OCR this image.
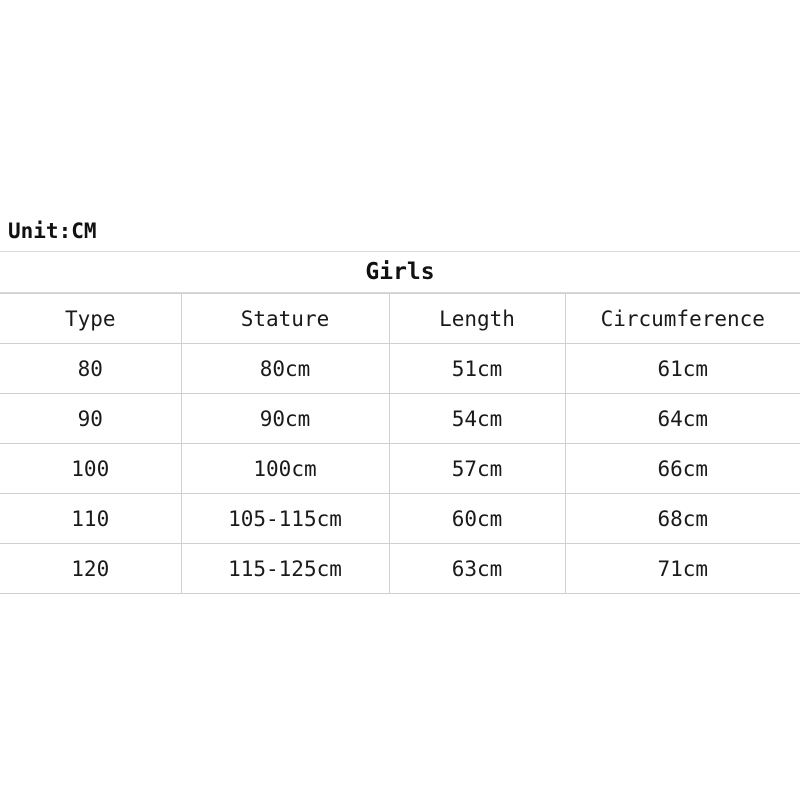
Unit:CM
Girls
Type	Stature	Length	Circumference
80	80cm	51cm	61cm
90	90cm	54cm	64cm
100	100cm	57cm	66cm
110	105-115cm	60cm	68cm
120	115-125cm	63cm	71cm
